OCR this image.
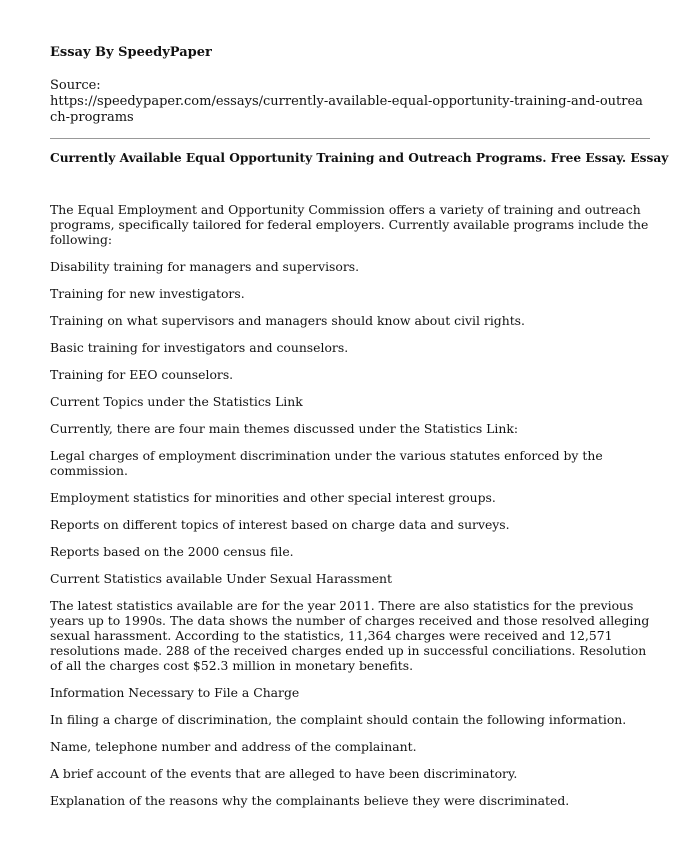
Essay By SpeedyPaper
Source:
https://speedypaper.com/essays/currently-available-equal-opportunity-training-and-outreach-programs
Currently Available Equal Opportunity Training and Outreach Programs. Free Essay. Essay

The Equal Employment and Opportunity Commission offers a variety of training and outreach programs, specifically tailored for federal employers. Currently available programs include the following:

Disability training for managers and supervisors.

Training for new investigators.

Training on what supervisors and managers should know about civil rights.

Basic training for investigators and counselors.

Training for EEO counselors.

Current Topics under the Statistics Link

Currently, there are four main themes discussed under the Statistics Link:

Legal charges of employment discrimination under the various statutes enforced by the commission.

Employment statistics for minorities and other special interest groups.

Reports on different topics of interest based on charge data and surveys.

Reports based on the 2000 census file.

Current Statistics available Under Sexual Harassment

The latest statistics available are for the year 2011. There are also statistics for the previous years up to 1990s. The data shows the number of charges received and those resolved alleging sexual harassment. According to the statistics, 11,364 charges were received and 12,571 resolutions made. 288 of the received charges ended up in successful conciliations. Resolution of all the charges cost $52.3 million in monetary benefits.

Information Necessary to File a Charge

In filing a charge of discrimination, the complaint should contain the following information.

Name, telephone number and address of the complainant.

A brief account of the events that are alleged to have been discriminatory.

Explanation of the reasons why the complainants believe they were discriminated.
